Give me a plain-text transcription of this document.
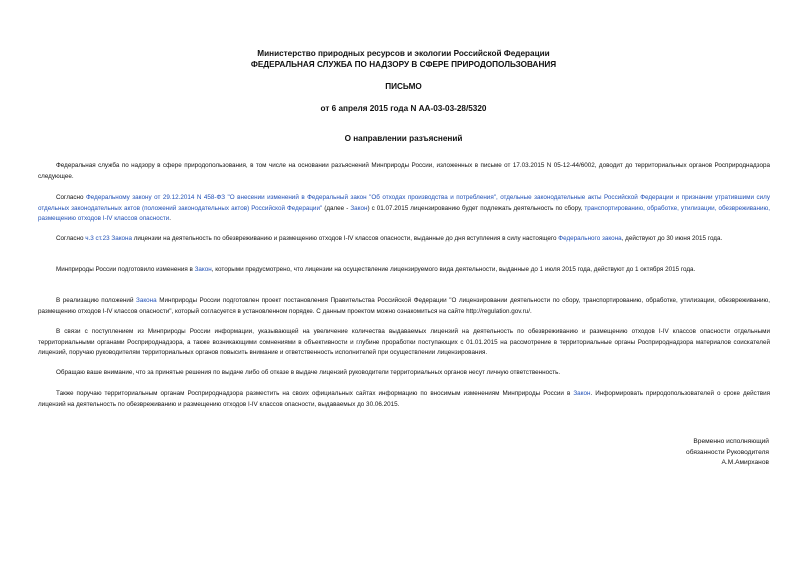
Министерство природных ресурсов и экологии Российской Федерации
ФЕДЕРАЛЬНАЯ СЛУЖБА ПО НАДЗОРУ В СФЕРЕ ПРИРОДОПОЛЬЗОВАНИЯ
ПИСЬМО
от 6 апреля 2015 года N АА-03-03-28/5320
О направлении разъяснений

Федеральная служба по надзору в сфере природопользования, в том числе на основании разъяснений Минприроды России, изложенных в письме от 17.03.2015 N 05-12-44/6002, доводит до территориальных органов Росприроднадзора следующее.

Согласно Федеральному закону от 29.12.2014 N 458-ФЗ "О внесении изменений в Федеральный закон "Об отходах производства и потребления", отдельные законодательные акты Российской Федерации и признании утратившими силу отдельных законодательных актов (положений законодательных актов) Российской Федерации" (далее - Закон) с 01.07.2015 лицензированию будет подлежать деятельность по сбору, транспортированию, обработке, утилизации, обезвреживанию, размещению отходов I-IV классов опасности.

Согласно ч.3 ст.23 Закона лицензии на деятельность по обезвреживанию и размещению отходов I-IV классов опасности, выданные до дня вступления в силу настоящего Федерального закона, действуют до 30 июня 2015 года.

Минприроды России подготовило изменения в Закон, которыми предусмотрено, что лицензии на осуществление лицензируемого вида деятельности, выданные до 1 июля 2015 года, действуют до 1 октября 2015 года.

В реализацию положений Закона Минприроды России подготовлен проект постановления Правительства Российской Федерации "О лицензировании деятельности по сбору, транспортированию, обработке, утилизации, обезвреживанию, размещению отходов I-IV классов опасности", который согласуется в установленном порядке. С данным проектом можно ознакомиться на сайте http://regulation.gov.ru/.

В связи с поступлением из Минприроды России информации, указывающей на увеличение количества выдаваемых лицензий на деятельность по обезвреживанию и размещению отходов I-IV классов опасности отдельными территориальными органами Росприроднадзора, а также возникающими сомнениями в объективности и глубине проработки поступающих с 01.01.2015 на рассмотрение в территориальные органы Росприроднадзора материалов соискателей лицензий, поручаю руководителям территориальных органов повысить внимание и ответственность исполнителей при осуществлении лицензирования.

Обращаю ваше внимание, что за принятые решения по выдаче либо об отказе в выдаче лицензий руководители территориальных органов несут личную ответственность.

Также поручаю территориальным органам Росприроднадзора разместить на своих официальных сайтах информацию по вносимым изменениям Минприроды России в Закон. Информировать природопользователей о сроке действия лицензий на деятельность по обезвреживанию и размещению отходов I-IV классов опасности, выдаваемых до 30.06.2015.

Временно исполняющий
обязанности Руководителя
А.М.Амирханов
